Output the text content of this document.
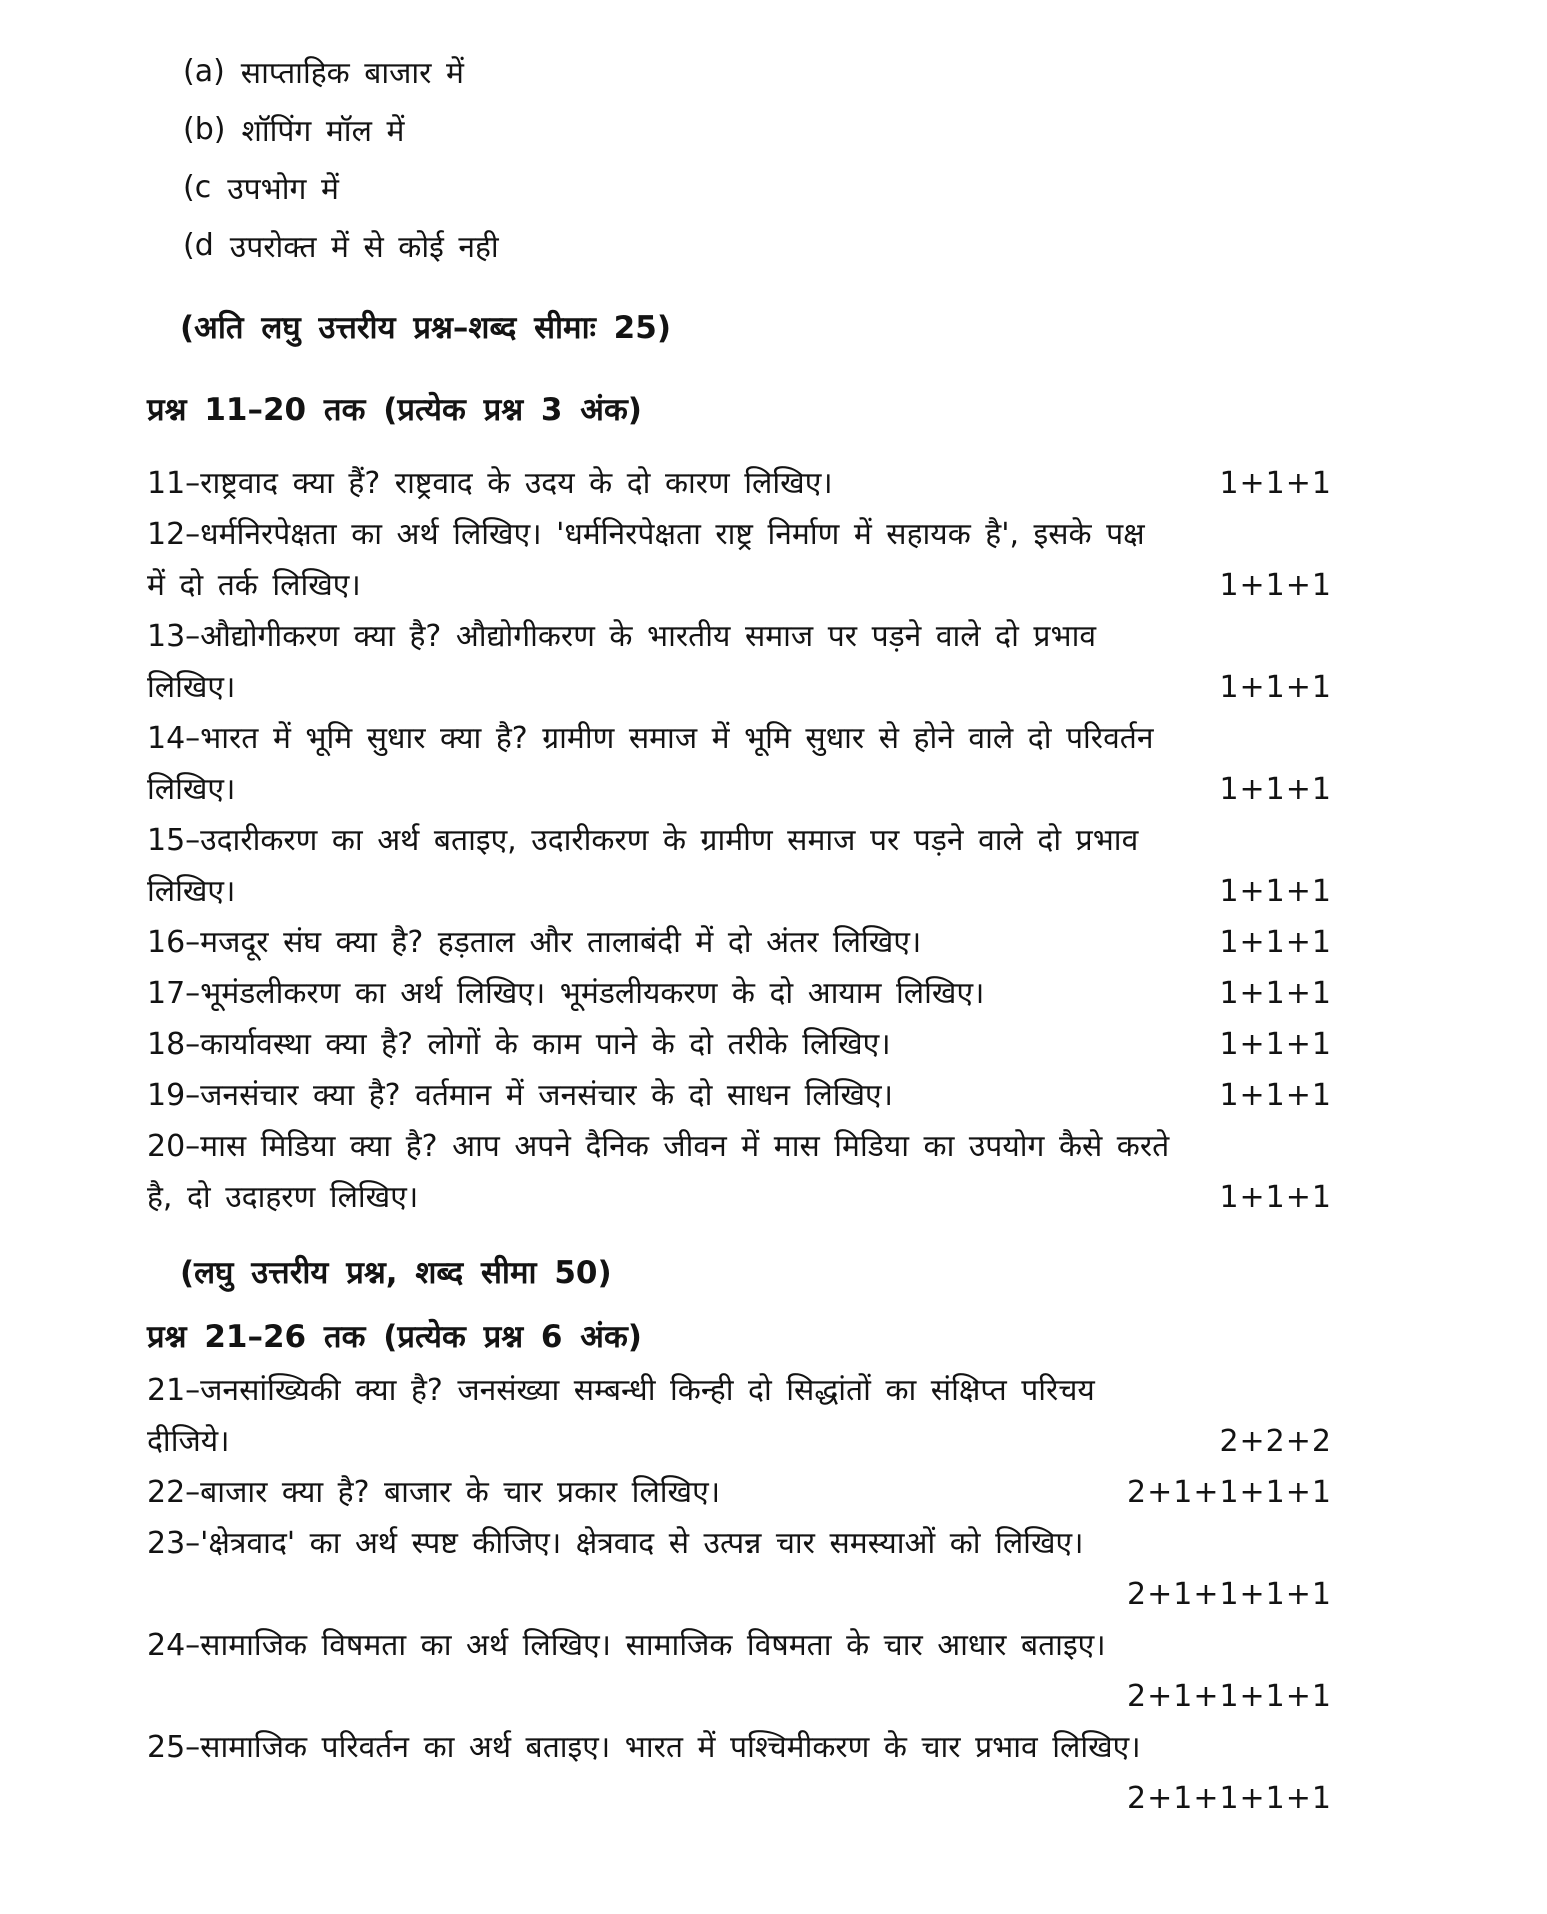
(a) साप्ताहिक बाजार में
(b) शॉपिंग मॉल में
(c उपभोग में
(d उपरोक्त में से कोई नही
(अति लघु उत्तरीय प्रश्न–शब्द सीमाः 25)
प्रश्न 11–20 तक (प्रत्येक प्रश्न 3 अंक)
11–राष्ट्रवाद क्या हैं? राष्ट्रवाद के उदय के दो कारण लिखिए।	1+1+1
12–धर्मनिरपेक्षता का अर्थ लिखिए। 'धर्मनिरपेक्षता राष्ट्र निर्माण में सहायक है', इसके पक्ष
में दो तर्क लिखिए।	1+1+1
13–औद्योगीकरण क्या है? औद्योगीकरण के भारतीय समाज पर पड़ने वाले दो प्रभाव
लिखिए।	1+1+1
14–भारत में भूमि सुधार क्या है? ग्रामीण समाज में भूमि सुधार से होने वाले दो परिवर्तन
लिखिए।	1+1+1
15–उदारीकरण का अर्थ बताइए, उदारीकरण के ग्रामीण समाज पर पड़ने वाले दो प्रभाव
लिखिए।	1+1+1
16–मजदूर संघ क्या है? हड़ताल और तालाबंदी में दो अंतर लिखिए।	1+1+1
17–भूमंडलीकरण का अर्थ लिखिए। भूमंडलीयकरण के दो आयाम लिखिए।	1+1+1
18–कार्यावस्था क्या है? लोगों के काम पाने के दो तरीके लिखिए।	1+1+1
19–जनसंचार क्या है? वर्तमान में जनसंचार के दो साधन लिखिए।	1+1+1
20–मास मिडिया क्या है? आप अपने दैनिक जीवन में मास मिडिया का उपयोग कैसे करते
है, दो उदाहरण लिखिए।	1+1+1
(लघु उत्तरीय प्रश्न, शब्द सीमा 50)
प्रश्न 21–26 तक (प्रत्येक प्रश्न 6 अंक)
21–जनसांख्यिकी क्या है? जनसंख्या सम्बन्धी किन्ही दो सिद्धांतों का संक्षिप्त परिचय
दीजिये।	2+2+2
22–बाजार क्या है? बाजार के चार प्रकार लिखिए।	2+1+1+1+1
23–'क्षेत्रवाद' का अर्थ स्पष्ट कीजिए। क्षेत्रवाद से उत्पन्न चार समस्याओं को लिखिए।
2+1+1+1+1
24–सामाजिक विषमता का अर्थ लिखिए। सामाजिक विषमता के चार आधार बताइए।
2+1+1+1+1
25–सामाजिक परिवर्तन का अर्थ बताइए। भारत में पश्चिमीकरण के चार प्रभाव लिखिए।
2+1+1+1+1
